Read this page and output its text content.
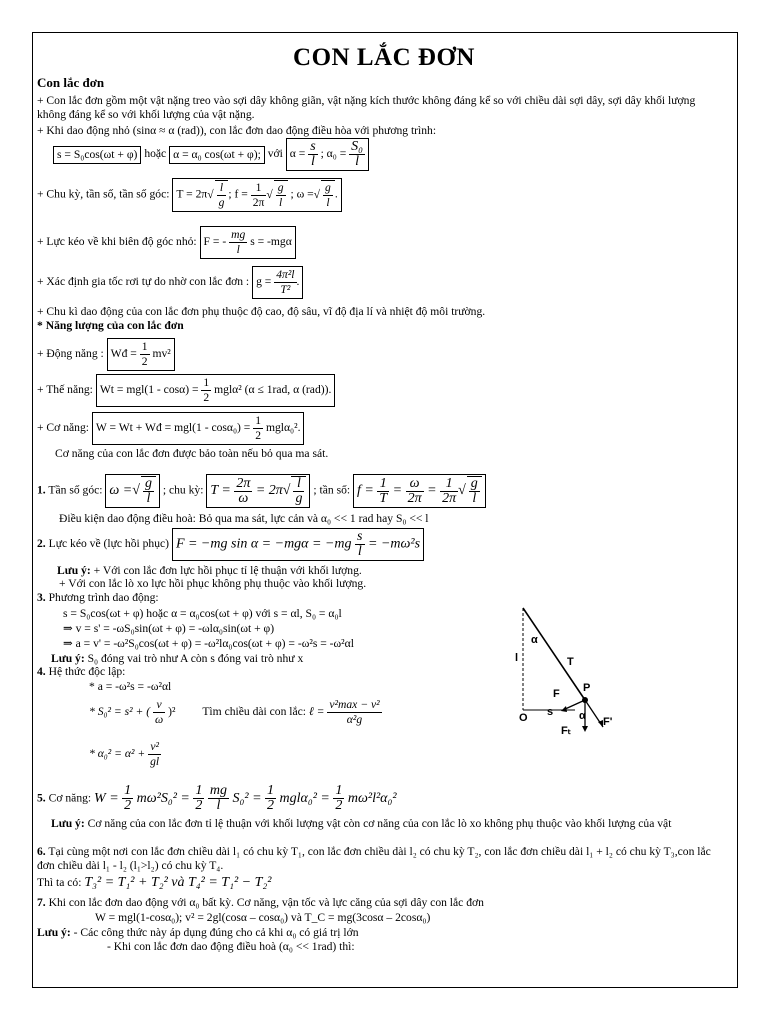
CON LẮC ĐƠN
Con lắc đơn
+ Con lắc đơn gồm một vật nặng treo vào sợi dây không giãn, vật nặng kích thước không đáng kể so với chiều dài sợi dây, sợi dây khối lượng không đáng kể so với khối lượng của vật nặng.
+ Khi dao động nhỏ (sinα ≈ α (rad)), con lắc đơn dao động điều hòa với phương trình:
s = S₀cos(ωt + φ) hoặc α = α₀ cos(ωt + φ); với $\alpha = \frac{s}{l}$ ; $\alpha_0 = \frac{\text{S₀}}{l}$
+ Chu kỳ, tần số, tần số góc: $T = 2\pi√ \frac{l}{g}$ ; $f = \frac{1}{2\pi}$ √ $\frac{g}{l}$ ; ω =√ $\frac{g}{l}$ .
+ Lực kéo về khi biên độ góc nhỏ: F = - $\frac{mg}{l}$ s = -mgα
+ Xác định gia tốc rơi tự do nhờ con lắc đơn : $g = \frac{\text{4π²l}}{\text{T²}}$ .
+ Chu kì dao động của con lắc đơn phụ thuộc độ cao, độ sâu, vĩ độ địa lí và nhiệt độ môi trường.
* Năng lượng của con lắc đơn
+ Động năng : Wđ = $\frac{1}{2} mv^2$
+ Thế năng: $Wt = mgl(1 - \cos\alpha) = \frac{1}{2} mgl\alpha^2$ (α ≤ 1rad, α (rad)).
+ Cơ năng: W = Wt + Wđ = $mgl(1 - \cos\alpha_0) = \frac{1}{2} mgl\alpha_0^2$.
Cơ năng của con lắc đơn được bảo toàn nếu bỏ qua ma sát.
1. Tần số góc: ω =√ $\frac{g}{l}$ ; chu kỳ: $T = \frac{2\pi}{\omega} = 2\pi√ \frac{l}{g}$ ; tần số: $f = \frac{1}{T} = \frac{\omega}{2\pi} = \frac{1}{2\pi}$ √ $\frac{g}{l}$
Điều kiện dao động điều hoà: Bỏ qua ma sát, lực cản và α₀ << 1 rad hay S₀ << l
2. Lực kéo về (lực hồi phục) F = −mg $\sin \alpha = -mg\alpha = -mg \frac{s}{l} = -m\omega^2s$
Lưu ý: + Với con lắc đơn lực hồi phục tỉ lệ thuận với khối lượng.
+ Với con lắc lò xo lực hồi phục không phụ thuộc vào khối lượng.
3. Phương trình dao động:
s = S₀cos(ωt + φ) hoặc α = α₀cos(ωt + φ) với s = αl, S₀ = α₀l
⇒ v = s' = -ωS₀sin(ωt + φ) = -ωlα₀sin(ωt + φ)
⇒ a = v' = -ω²S₀cos(ωt + φ) = -ω²lα₀cos(ωt + φ) = -ω²s = -ω²αl
Lưu ý: S₀ đóng vai trò như A còn s đóng vai trò như x
4. Hệ thức độc lập:
* a = -ω²s = -ω²αl
* S₀² = s² + ( $\frac{v}{\omega} )^2$ Tìm chiều dài con lắc: ℓ =
v²max − v²
α²g
* $\alpha_0^2 = \alpha^2 + \frac{\text{v²}}{gl}$
5. Cơ năng: $W = \frac{1}{2} m\omega^2S_0^2 = \frac{1}{2}$
$\frac{mg}{l} S_0^2 = \frac{1}{2} mgl\alpha_0^2 = \frac{1}{2} m\omega^2l^2\alpha_0^2$
Lưu ý: Cơ năng của con lắc đơn tỉ lệ thuận với khối lượng vật còn cơ năng của con lắc lò xo không phụ thuộc vào khối lượng của vật
6. Tại cùng một nơi con lắc đơn chiều dài l₁ có chu kỳ T₁, con lắc đơn chiều dài l₂ có chu kỳ T₂, con lắc đơn chiều dài l₁ + l₂ có chu kỳ T₃,con lắc đơn chiều dài l₁ - l₂ (l₁>l₂) có chu kỳ T₄.
Thì ta có: T₃² = T₁² + T₂² và T₄² = T₁² − T₂²
7. Khi con lắc đơn dao động với α₀ bất kỳ. Cơ năng, vận tốc và lực căng của sợi dây con lắc đơn
W = mgl(1-cosα₀); v² = 2gl(cosα – cosα₀) và T_C = mg(3cosα – 2cosα₀)
Lưu ý: - Các công thức này áp dụng đúng cho cả khi α₀ có giá trị lớn
- Khi con lắc đơn dao động điều hoà (α₀ << 1rad) thì:
α
l	T
F P
s α
O
Fₜ
F'
